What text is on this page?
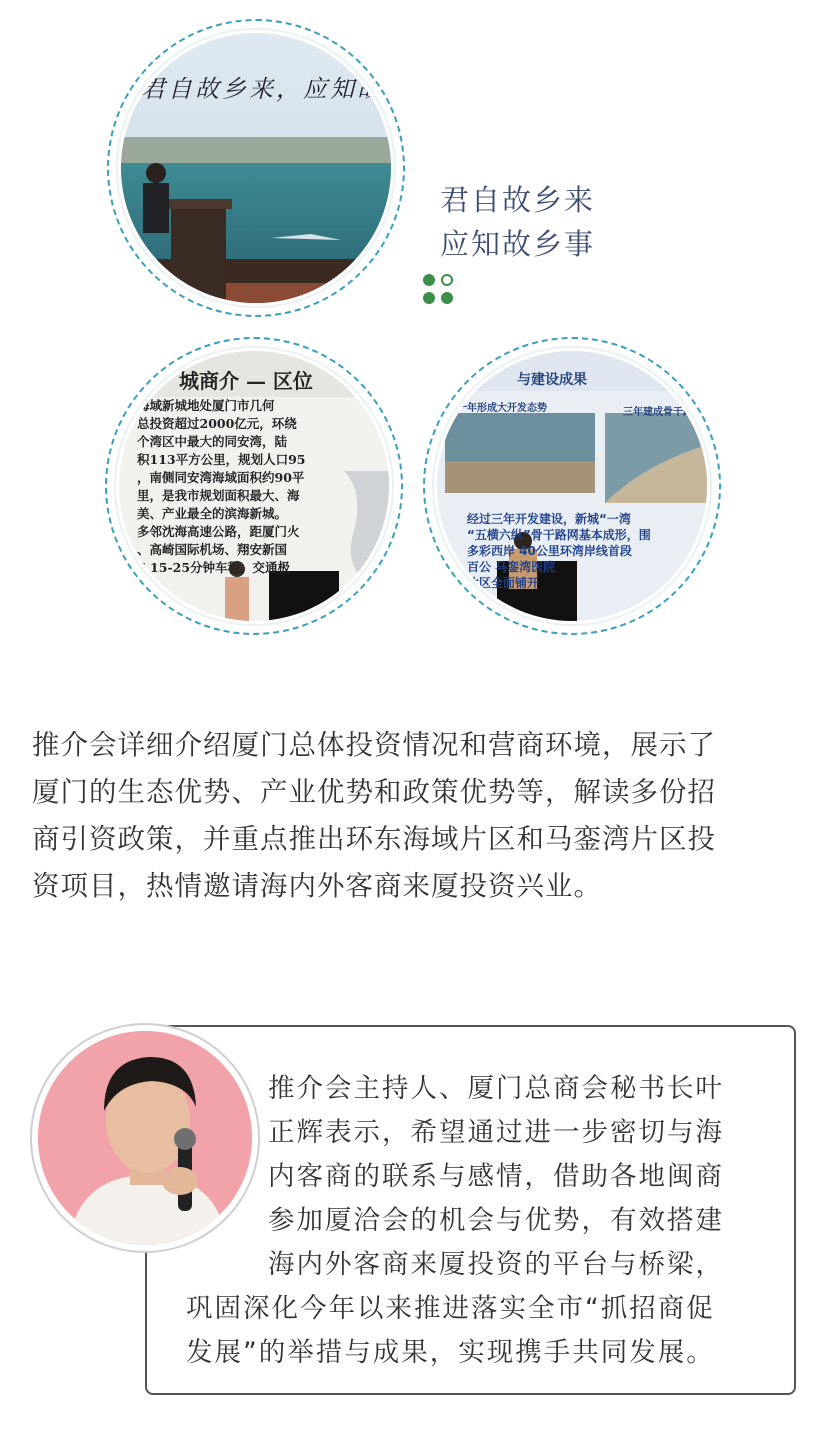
君自故乡来，应知故
君自故乡来
应知故乡事
城商介 — 区位
海域新城地处厦门市几何
总投资超过2000亿元，环绕
个湾区中最大的同安湾，陆
积113平方公里，规划人口95
，南侧同安湾海域面积约90平
里，是我市规划面积最大、海
美、产业最全的滨海新城。
多邻沈海高速公路，距厦门火
、高崎国际机场、翔安新国
7 15-25分钟车程，交通极
与建设成果
一年形成大开发态势	三年建成骨干路网
经过三年开发建设，新城“一湾
“五横六纵”骨干路网基本成形，围
多彩西岸 40公里环湾岸线首段
百公 马銮湾医院
片区全面铺开
推介会详细介绍厦门总体投资情况和营商环境，展示了
厦门的生态优势、产业优势和政策优势等，解读多份招
商引资政策，并重点推出环东海域片区和马銮湾片区投
资项目，热情邀请海内外客商来厦投资兴业。
推介会主持人、厦门总商会秘书长叶
正辉表示，希望通过进一步密切与海
内客商的联系与感情，借助各地闽商
参加厦洽会的机会与优势，有效搭建
海内外客商来厦投资的平台与桥梁，
巩固深化今年以来推进落实全市“抓招商促
发展”的举措与成果，实现携手共同发展。
